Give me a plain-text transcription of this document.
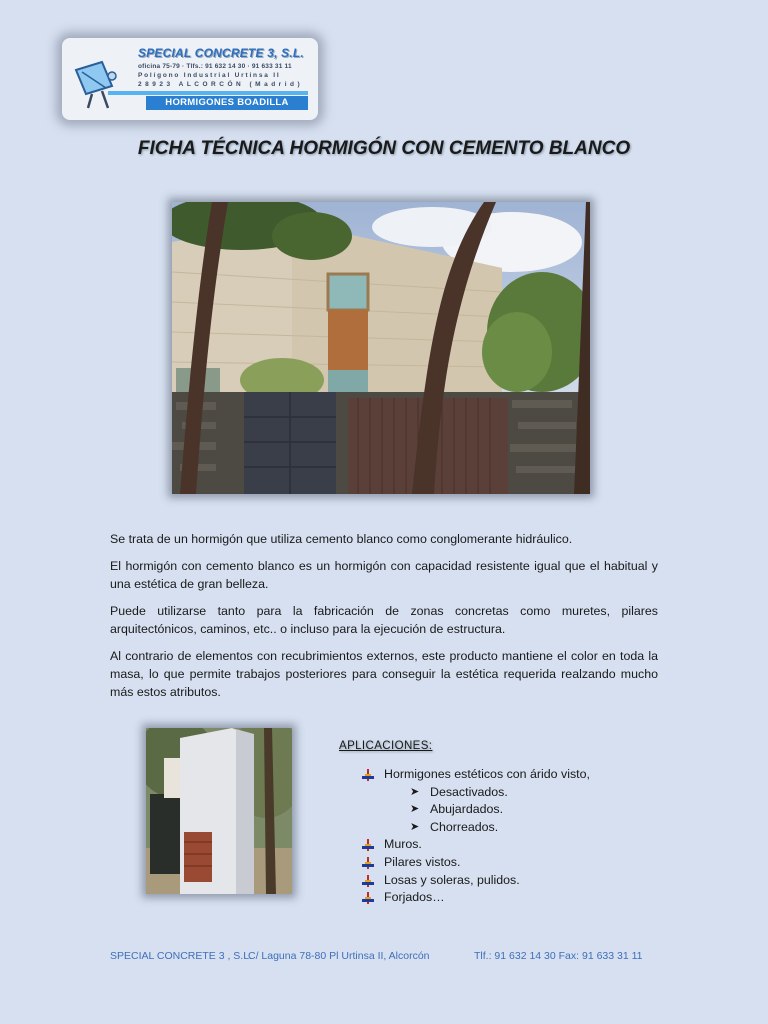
SPECIAL CONCRETE 3, S.L.
oficina 75-79 · Tlfs.: 91 632 14 30 · 91 633 31 11
Polígono Industrial Urtinsa II
28923 ALCORCÓN (Madrid)
HORMIGONES BOADILLA
FICHA TÉCNICA HORMIGÓN CON CEMENTO BLANCO

Se trata de un hormigón que utiliza cemento blanco como conglomerante hidráulico.

El hormigón con cemento blanco es un hormigón con capacidad resistente igual que el habitual y una estética de gran belleza.

Puede utilizarse tanto para la fabricación de zonas concretas como muretes, pilares arquitectónicos, caminos, etc.. o incluso para la ejecución de estructura.

Al contrario de elementos con recubrimientos externos, este producto mantiene el color en toda la masa, lo que permite trabajos posteriores para conseguir la estética requerida realzando mucho más estos atributos.

APLICACIONES:
Hormigones estéticos con árido visto,
➤ Desactivados.
➤ Abujardados.
➤ Chorreados.
Muros.
Pilares vistos.
Losas y soleras, pulidos.
Forjados…
SPECIAL CONCRETE 3 , S.L.C/ Laguna 78-80 Pl Urtinsa II, Alcorcón	Tlf.: 91 632 14 30 Fax: 91 633 31 11
